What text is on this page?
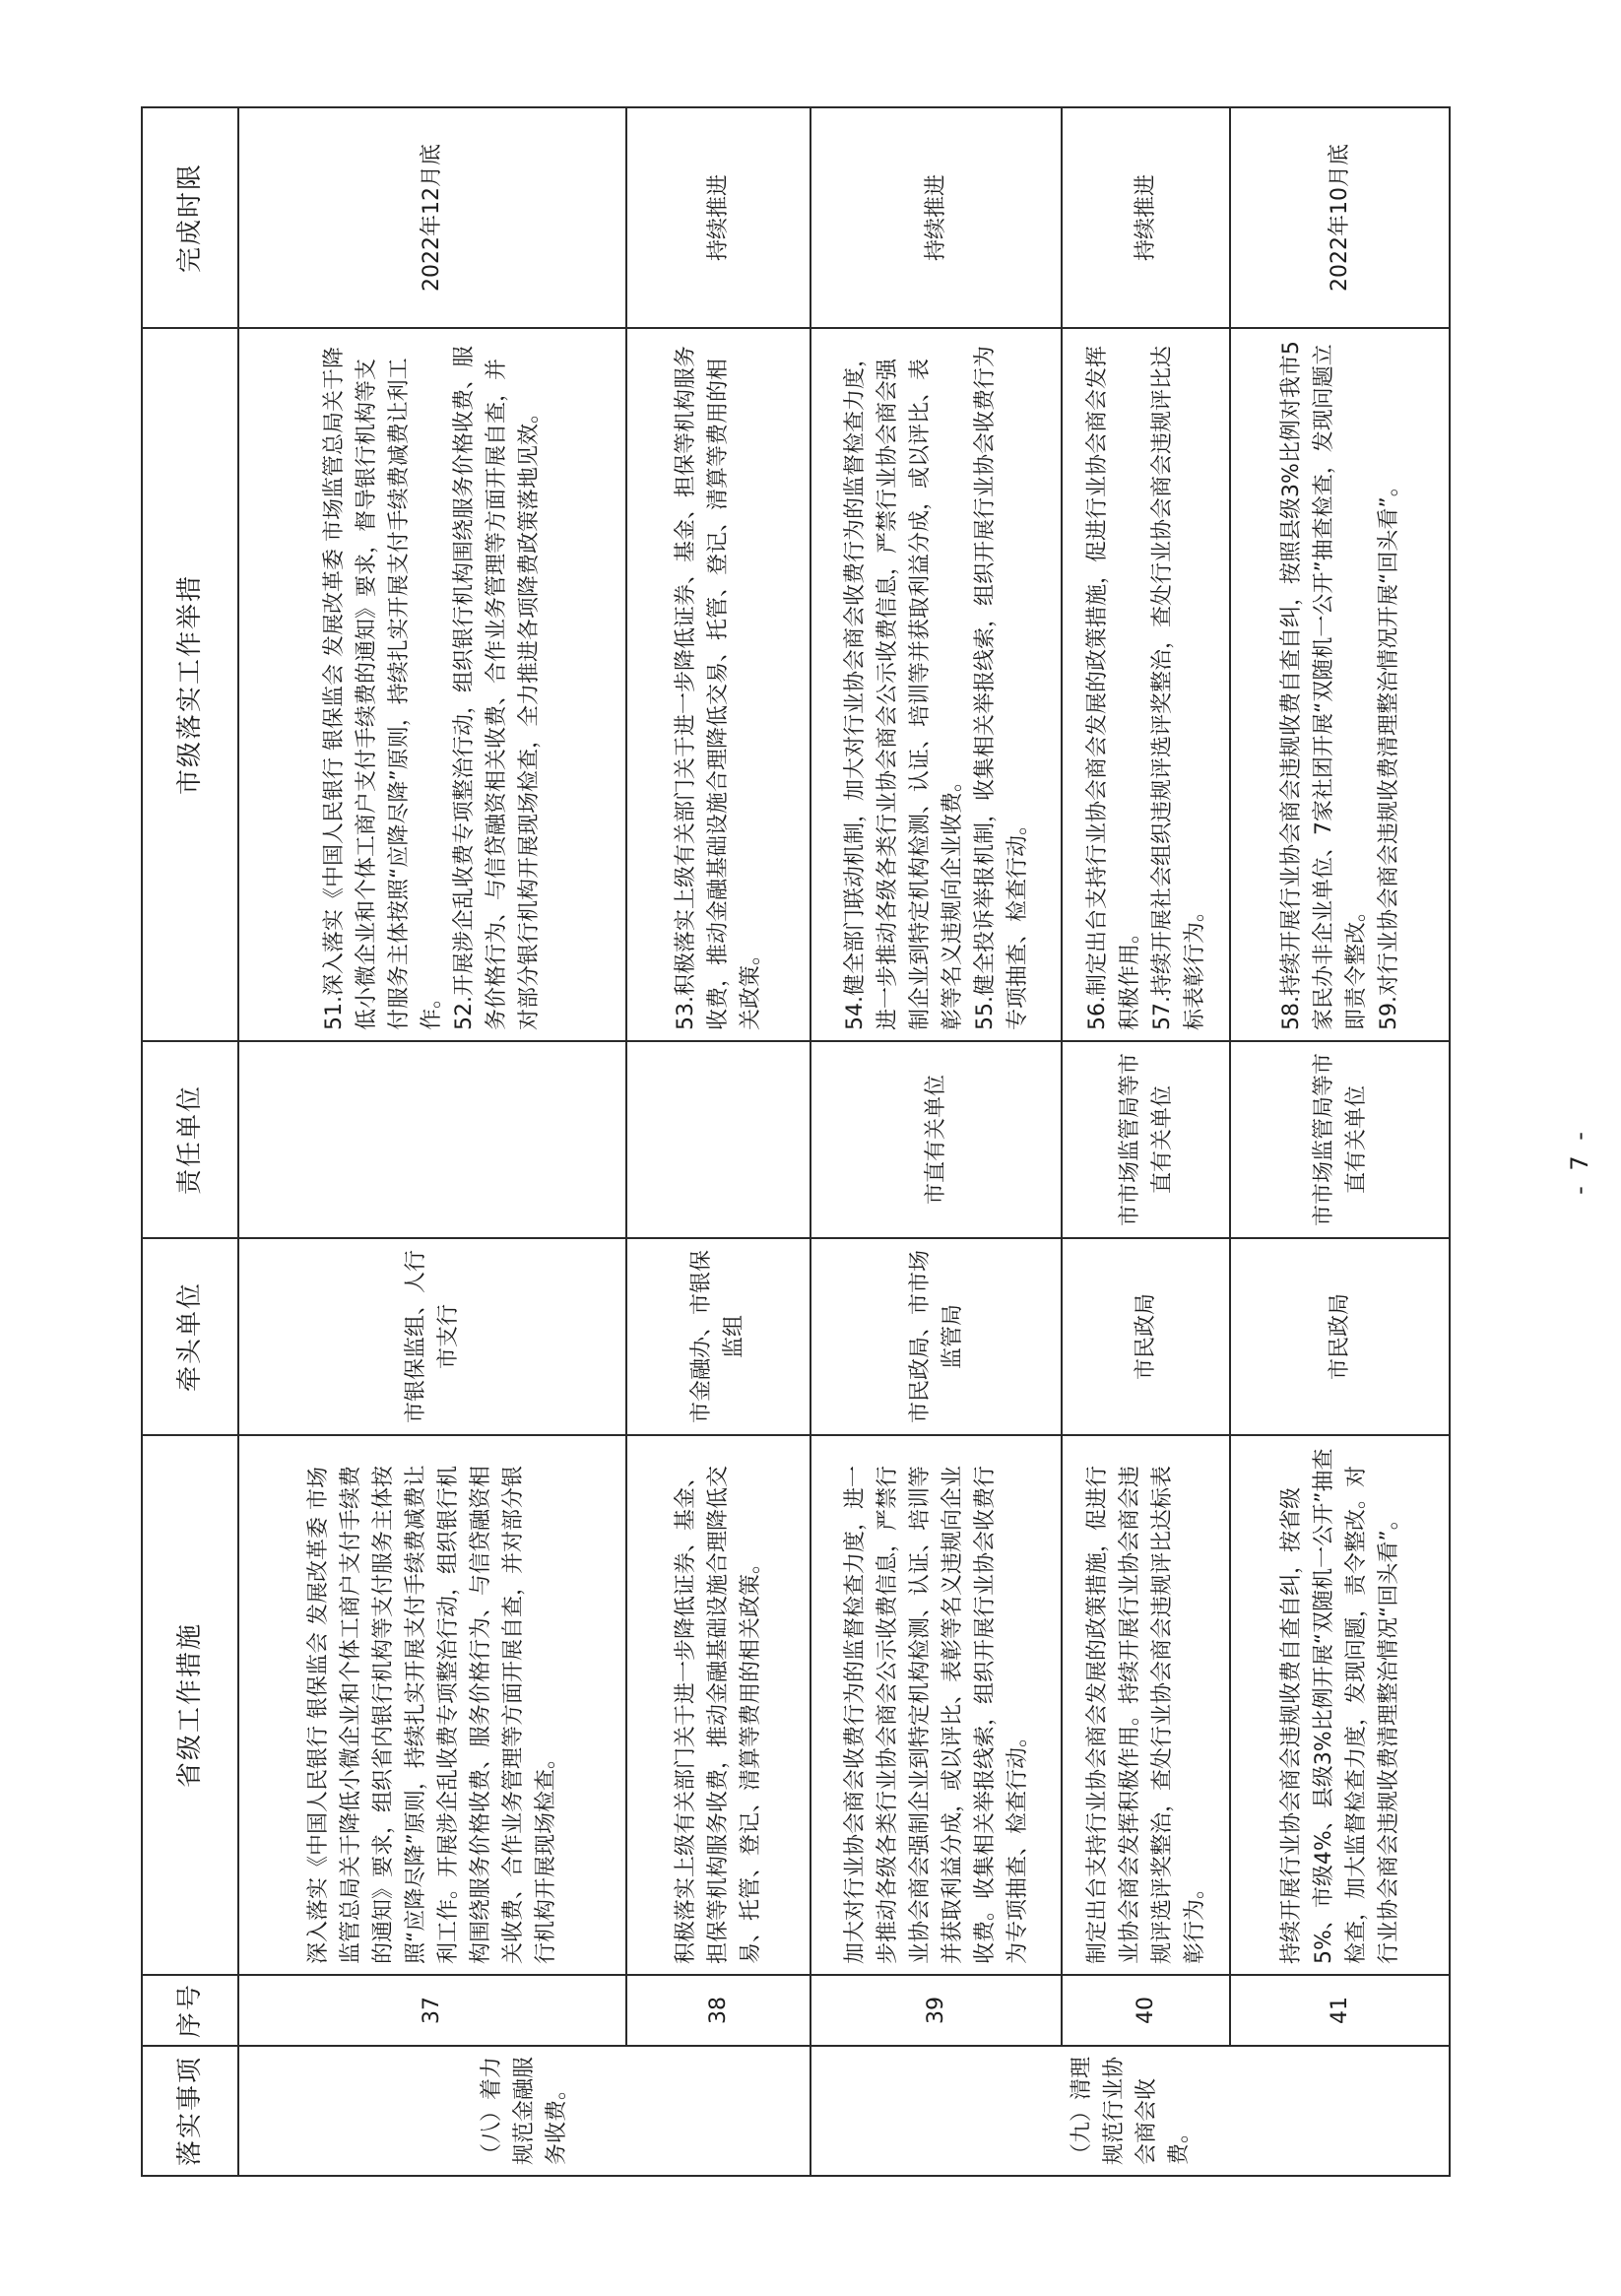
落实事项	序号	省级工作措施	牵头单位	责任单位	市级落实工作举措	完成时限
（八）着力规范金融服务收费。	37	深入落实《中国人民银行 银保监会 发展改革委 市场监管总局关于降低小微企业和个体工商户支付手续费的通知》要求，组织省内银行机构等支付服务主体按照“应降尽降”原则，持续扎实开展支付手续费减费让利工作。开展涉企乱收费专项整治行动，组织银行机构围绕服务价格收费、服务价格行为、与信贷融资相关收费、合作业务管理等方面开展自查，并对部分银行机构开展现场检查。	市银保监组、人行市支行		51.深入落实《中国人民银行 银保监会 发展改革委 市场监管总局关于降低小微企业和个体工商户支付手续费的通知》要求，督导银行机构等支付服务主体按照“应降尽降”原则，持续扎实开展支付手续费减费让利工作。 52.开展涉企乱收费专项整治行动，组织银行机构围绕服务价格收费、服务价格行为、与信贷融资相关收费、合作业务管理等方面开展自查，并对部分银行机构开展现场检查，全力推进各项降费政策落地见效。	2022年12月底
	38	积极落实上级有关部门关于进一步降低证券、基金、担保等机构服务收费，推动金融基础设施合理降低交易、托管、登记、清算等费用的相关政策。	市金融办、市银保监组		53.积极落实上级有关部门关于进一步降低证券、基金、担保等机构服务收费，推动金融基础设施合理降低交易、托管、登记、清算等费用的相关政策。	持续推进
（九）清理规范行业协会商会收费。	39	加大对行业协会商会收费行为的监督检查力度，进一步推动各级各类行业协会商会公示收费信息，严禁行业协会商会强制企业到特定机构检测、认证、培训等并获取利益分成，或以评比、表彰等名义违规向企业收费。收集相关举报线索，组织开展行业协会收费行为专项抽查、检查行动。	市民政局、市市场监管局	市直有关单位	54.健全部门联动机制，加大对行业协会商会收费行为的监督检查力度，进一步推动各级各类行业协会商会公示收费信息，严禁行业协会商会强制企业到特定机构检测、认证、培训等并获取利益分成，或以评比、表彰等名义违规向企业收费。 55.健全投诉举报机制，收集相关举报线索，组织开展行业协会收费行为专项抽查、检查行动。	持续推进
	40	制定出台支持行业协会商会发展的政策措施，促进行业协会商会发挥积极作用。持续开展行业协会商会违规评选评奖整治，查处行业协会商会违规评比达标表彰行为。	市民政局	市市场监管局等市直有关单位	56.制定出台支持行业协会商会发展的政策措施，促进行业协会商会发挥积极作用。 57.持续开展社会组织违规评选评奖整治，查处行业协会商会违规评比达标表彰行为。	持续推进
	41	持续开展行业协会商会违规收费自查自纠，按省级5%、市级4%、县级3%比例开展“双随机一公开”抽查检查，加大监督检查力度，发现问题，责令整改。对行业协会商会违规收费清理整治情况“回头看”。	市民政局	市市场监管局等市直有关单位	58.持续开展行业协会商会违规收费自查自纠，按照县级3%比例对我市5家民办非企业单位、7家社团开展“双随机一公开”抽查检查，发现问题立即责令整改。 59.对行业协会商会违规收费清理整治情况开展“回头看”。	2022年10月底
- 7 -
